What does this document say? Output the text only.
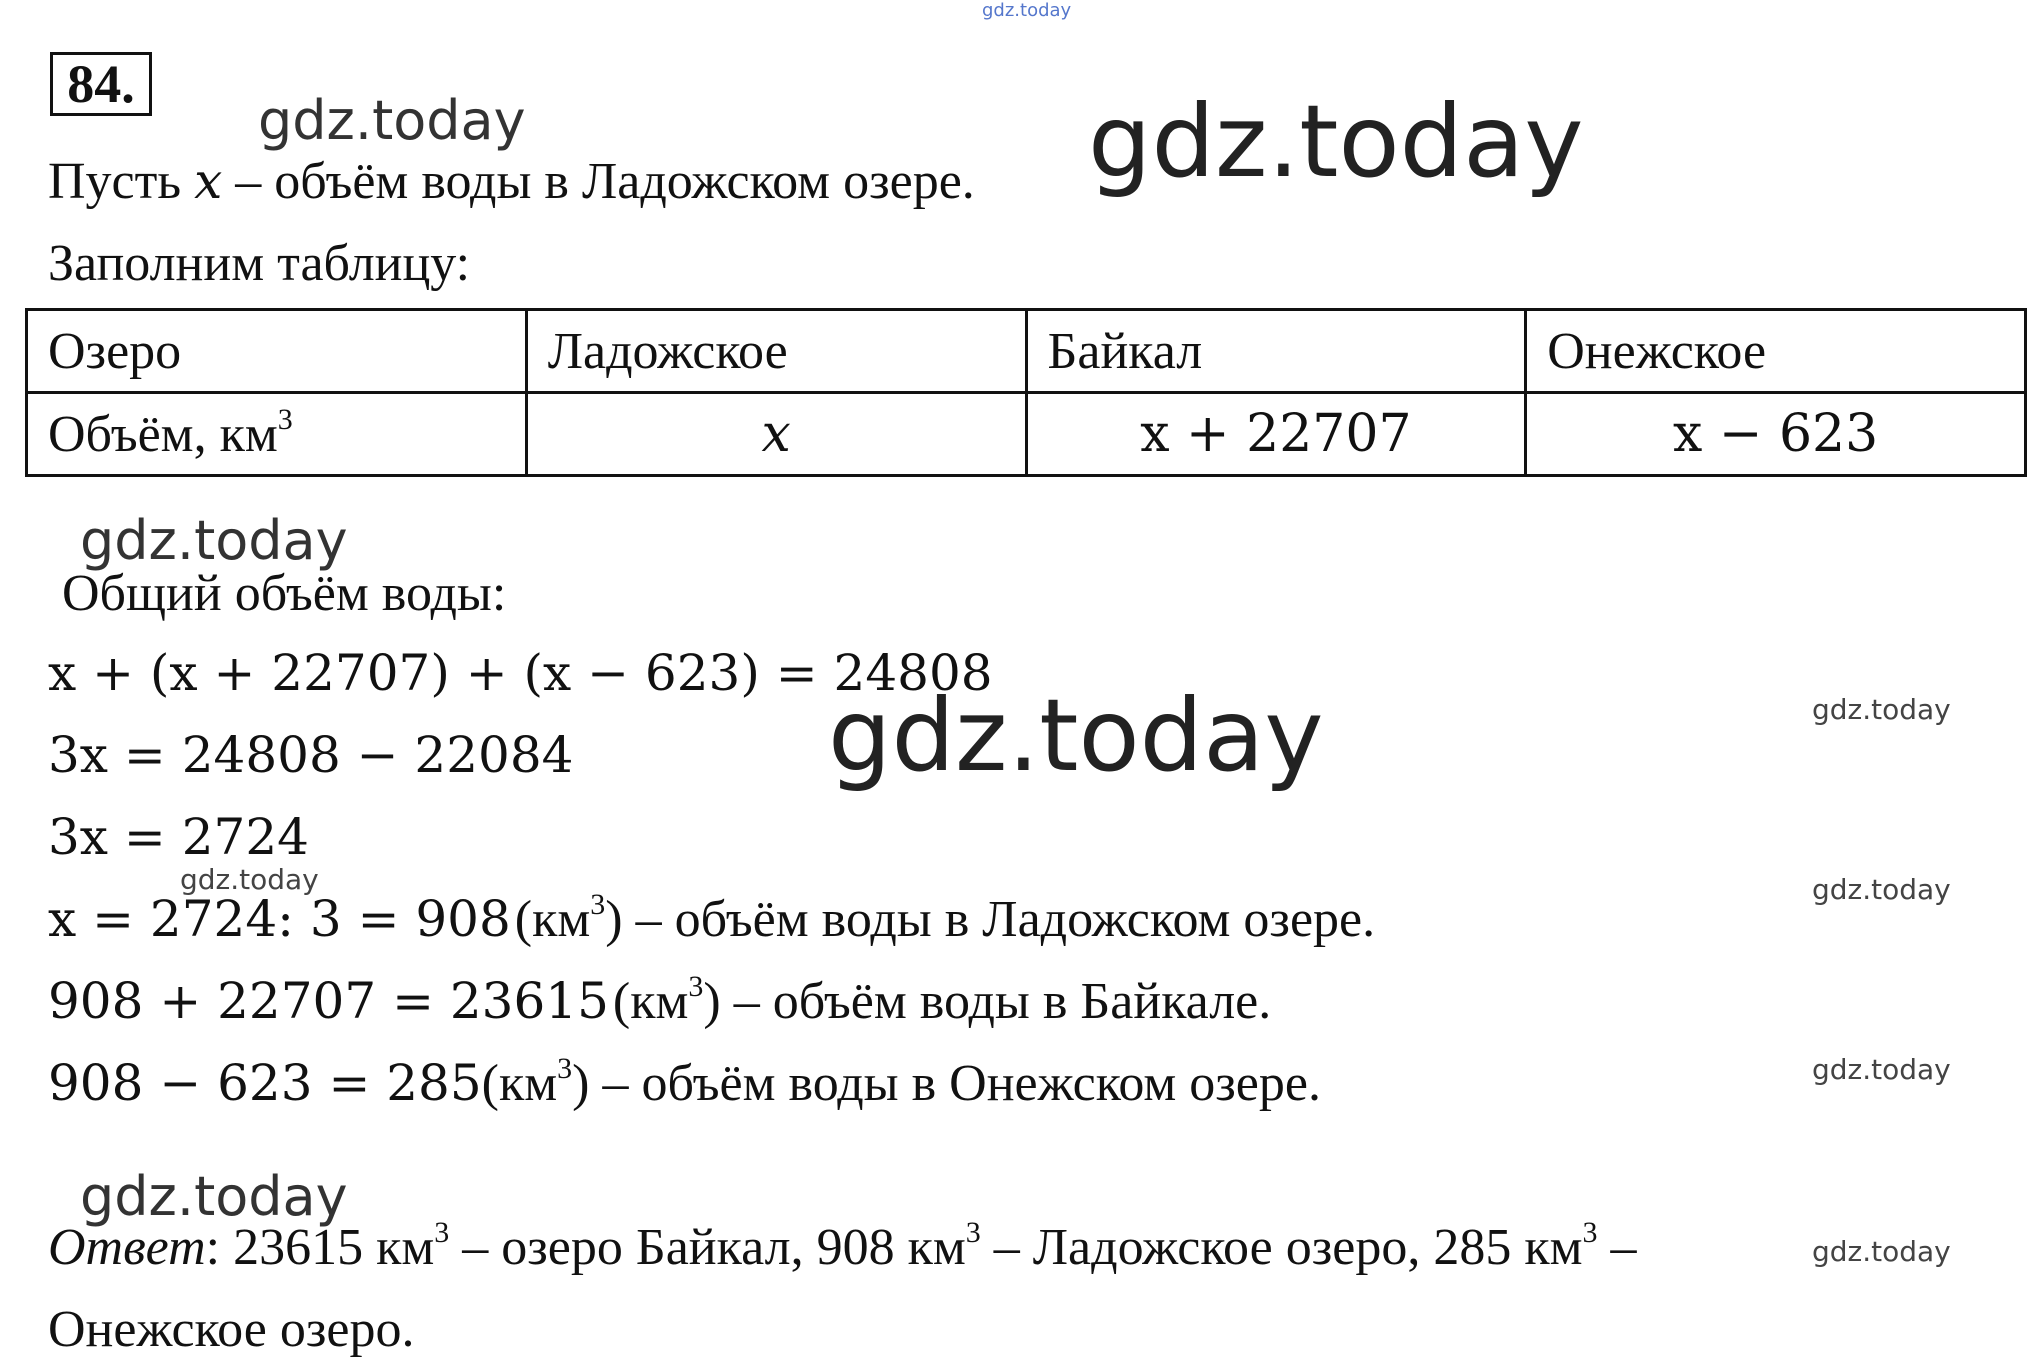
84.
Пусть x – объём воды в Ладожском озере.
Заполним таблицу:
Озеро	Ладожское	Байкал	Онежское
Объём, $км^3$	x	x + 22707	x − 623
Общий объём воды:
x + (x + 22707) + (x − 623) = 24808
3x = 24808 − 22084
3x = 2724
x = 2724: 3 = 908 $(км^3)$ – объём воды в Ладожском озере.
908 + 22707 = 23615 $(км^3)$ – объём воды в Байкале.
$908 - 623 = 285(км^3)$ – объём воды в Онежском озере.
Ответ: 23615 $км^3$ – озеро Байкал, 908 $км^3$ – Ладожское озеро, 285 $км^3$ –
Онежское озеро.
gdz.today
gdz.today	gdz.today
gdz.today
gdz.today	gdz.today
gdz.today	gdz.today
gdz.today
gdz.today
gdz.today
